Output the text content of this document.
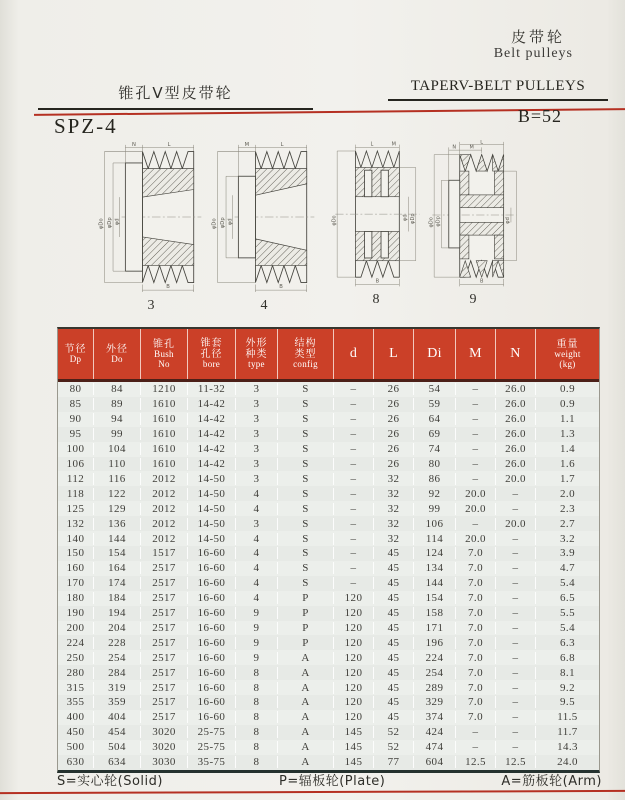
皮带轮
Belt pulleys
锥孔V型皮带轮	TAPERV-BELT PULLEYS
SPZ-4	B=52
N	L
φDo φDp φd
B
3
M	L
φDo φDp φd
B
4
L	M
φDo	φd φDp
B
8
L
N M
φDo φDp	φd
B
9
节径
Dp
外径
Do
锥孔
Bush
No
锥套
孔径
bore
外形
种类
type
结构
类型
config
d L Di M N
重量
weight
(kg)
80	84	1210	11-32	3	S	–	26	54	–	26.0	0.9
85	89	1610	14-42	3	S	–	26	59	–	26.0	0.9
90	94	1610	14-42	3	S	–	26	64	–	26.0	1.1
95	99	1610	14-42	3	S	–	26	69	–	26.0	1.3
100	104	1610	14-42	3	S	–	26	74	–	26.0	1.4
106	110	1610	14-42	3	S	–	26	80	–	26.0	1.6
112	116	2012	14-50	3	S	–	32	86	–	20.0	1.7
118	122	2012	14-50	4	S	–	32	92	20.0	–	2.0
125	129	2012	14-50	4	S	–	32	99	20.0	–	2.3
132	136	2012	14-50	3	S	–	32	106	–	20.0	2.7
140	144	2012	14-50	4	S	–	32	114	20.0	–	3.2
150	154	1517	16-60	4	S	–	45	124	7.0	–	3.9
160	164	2517	16-60	4	S	–	45	134	7.0	–	4.7
170	174	2517	16-60	4	S	–	45	144	7.0	–	5.4
180	184	2517	16-60	4	P	120	45	154	7.0	–	6.5
190	194	2517	16-60	9	P	120	45	158	7.0	–	5.5
200	204	2517	16-60	9	P	120	45	171	7.0	–	5.4
224	228	2517	16-60	9	P	120	45	196	7.0	–	6.3
250	254	2517	16-60	9	A	120	45	224	7.0	–	6.8
280	284	2517	16-60	8	A	120	45	254	7.0	–	8.1
315	319	2517	16-60	8	A	120	45	289	7.0	–	9.2
355	359	2517	16-60	8	A	120	45	329	7.0	–	9.5
400	404	2517	16-60	8	A	120	45	374	7.0	–	11.5
450	454	3020	25-75	8	A	145	52	424	–	–	11.7
500	504	3020	25-75	8	A	145	52	474	–	–	14.3
630	634	3030	35-75	8	A	145	77	604	12.5	12.5	24.0
S=实心轮(Solid)	P=辐板轮(Plate)	A=筋板轮(Arm)
